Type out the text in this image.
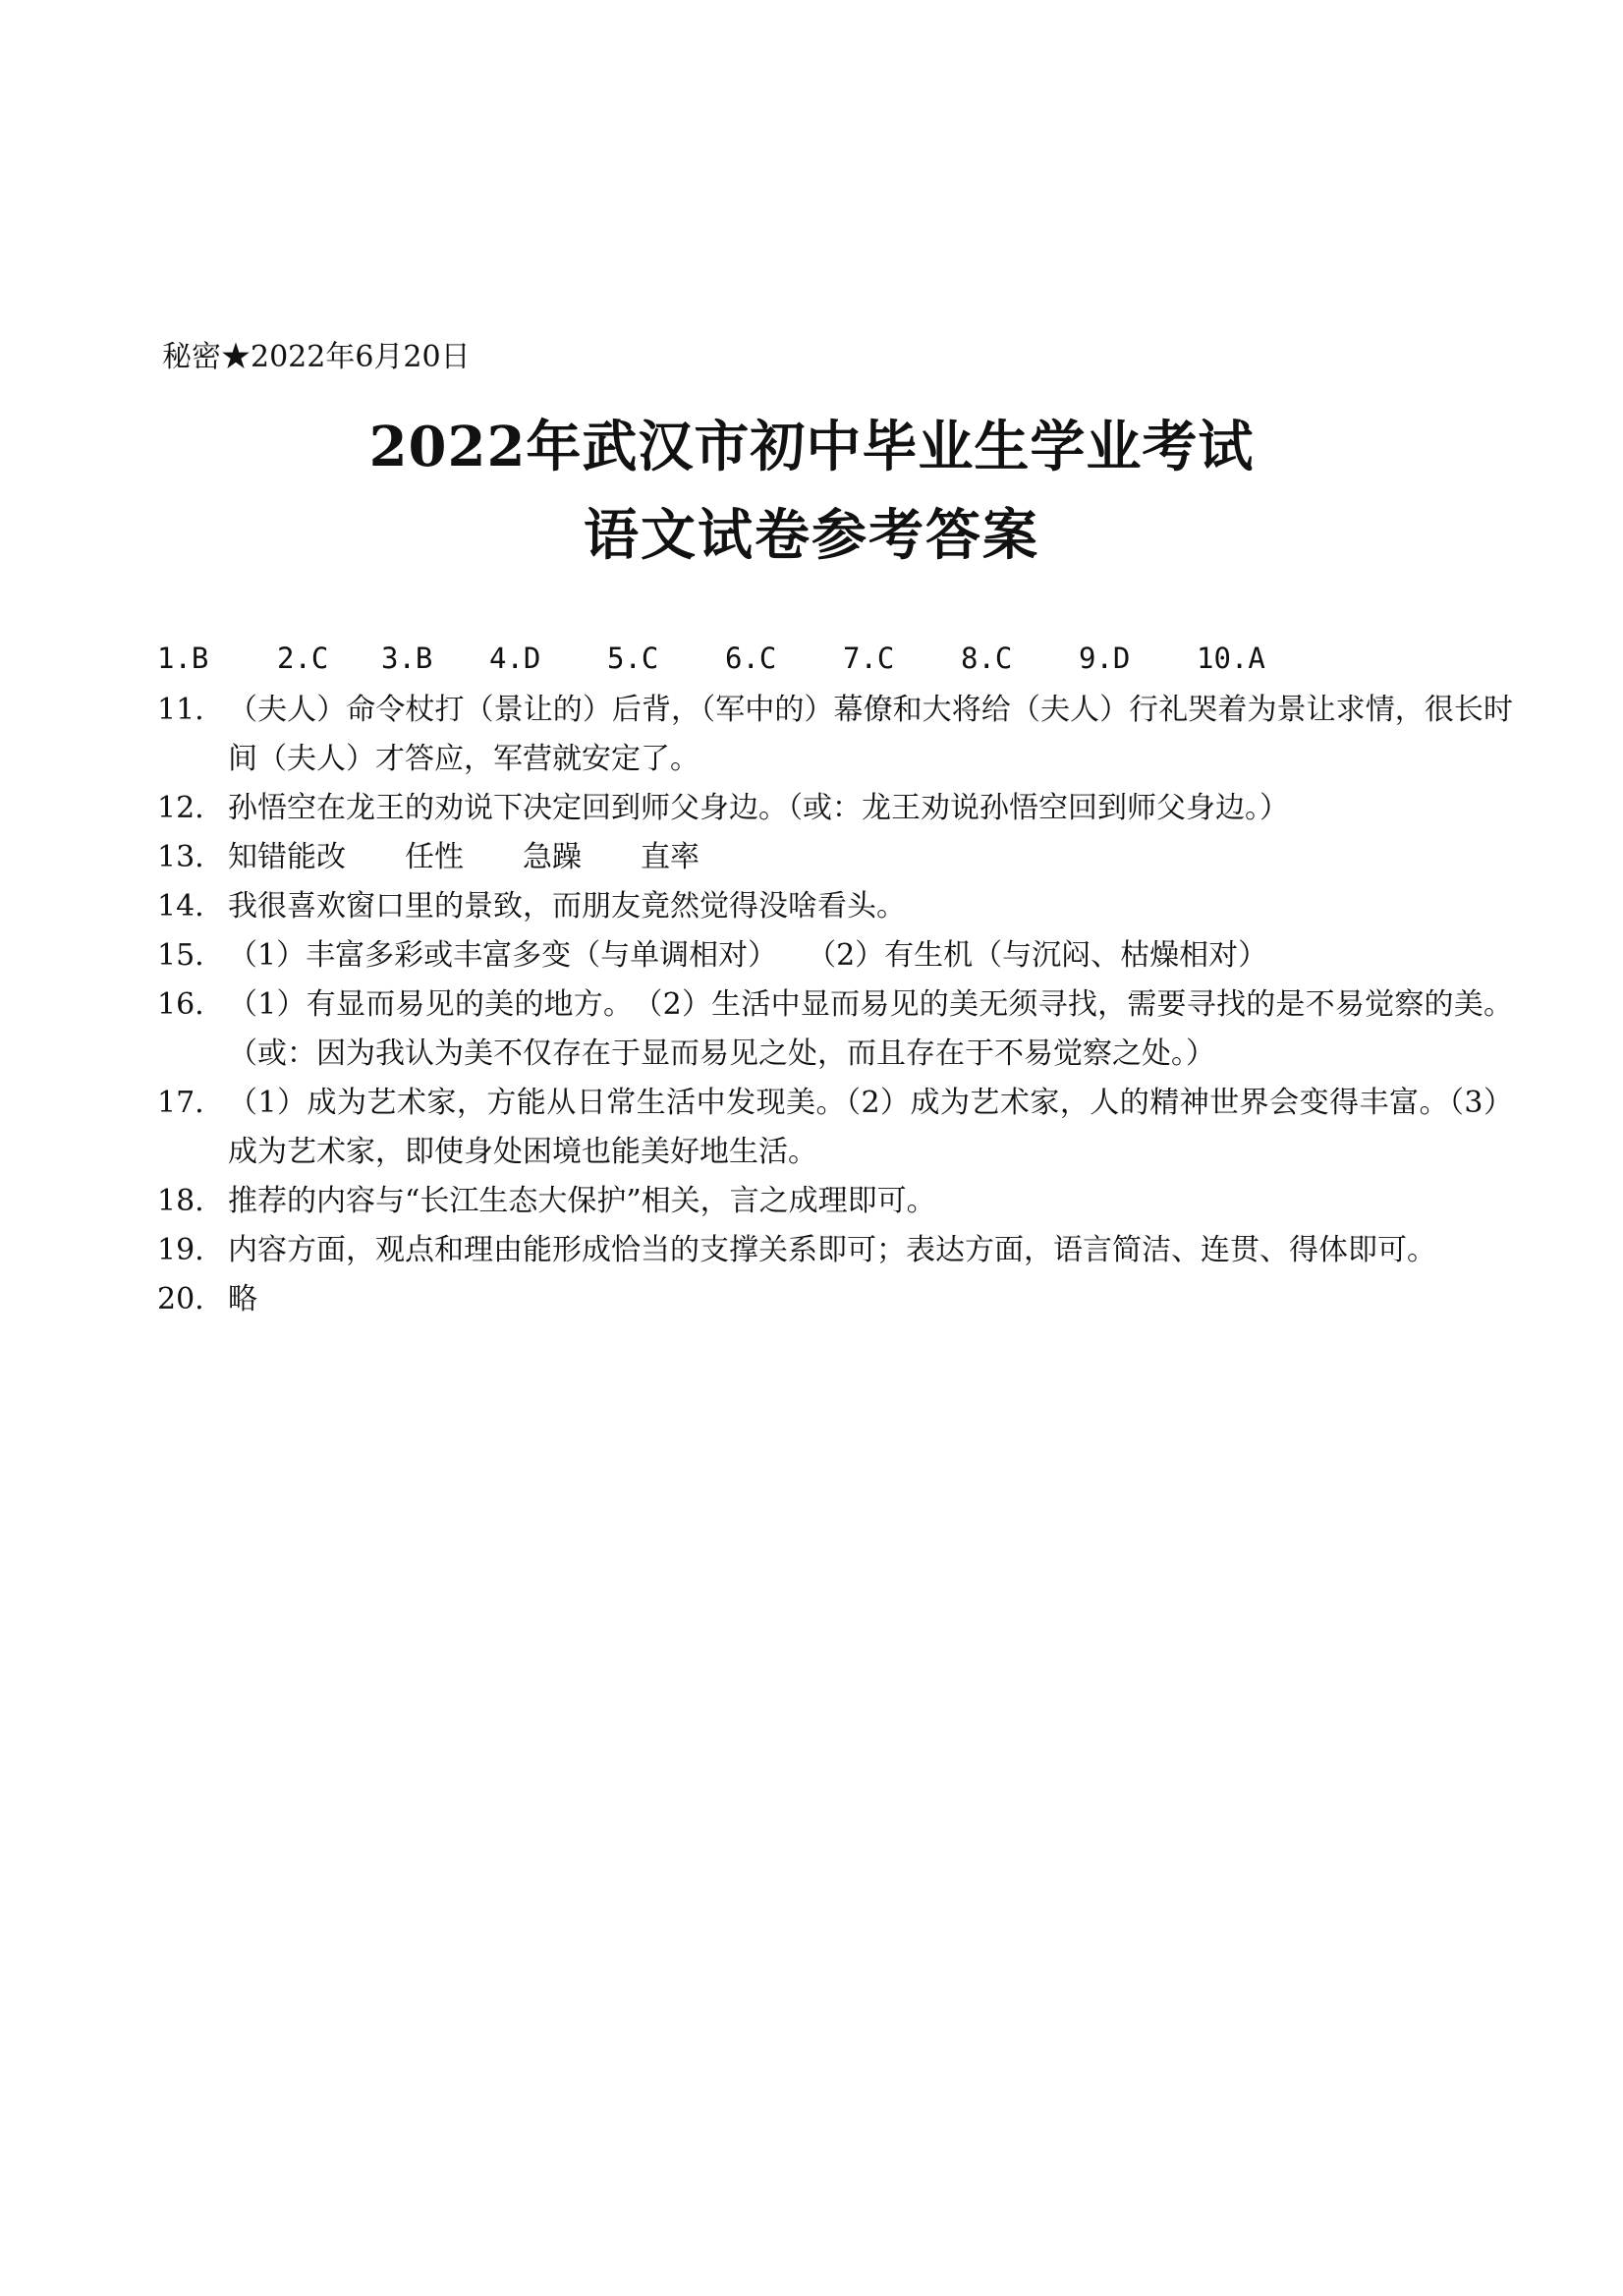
秘密★2022年6月20日
2022年武汉市初中毕业生学业考试
语文试卷参考答案
1.B 2.C 3.B 4.D 5.C 6.C 7.C 8.C 9.D 10.A
11. （夫人）命令杖打（景让的）后背，（军中的）幕僚和大将给（夫人）行礼哭着为景让求情，很长时间（夫人）才答应，军营就安定了。
12. 孙悟空在龙王的劝说下决定回到师父身边。（或：龙王劝说孙悟空回到师父身边。）
13. 知错能改　　任性　　急躁　　直率
14. 我很喜欢窗口里的景致，而朋友竟然觉得没啥看头。
15. （1）丰富多彩或丰富多变（与单调相对）　　（2）有生机（与沉闷、枯燥相对）
16. （1）有显而易见的美的地方。　（2）生活中显而易见的美无须寻找，需要寻找的是不易觉察的美。（或：因为我认为美不仅存在于显而易见之处，而且存在于不易觉察之处。）
17. （1）成为艺术家，方能从日常生活中发现美。（2）成为艺术家，人的精神世界会变得丰富。（3）成为艺术家，即使身处困境也能美好地生活。
18. 推荐的内容与“长江生态大保护”相关，言之成理即可。
19. 内容方面，观点和理由能形成恰当的支撑关系即可；表达方面，语言简洁、连贯、得体即可。
20. 略
